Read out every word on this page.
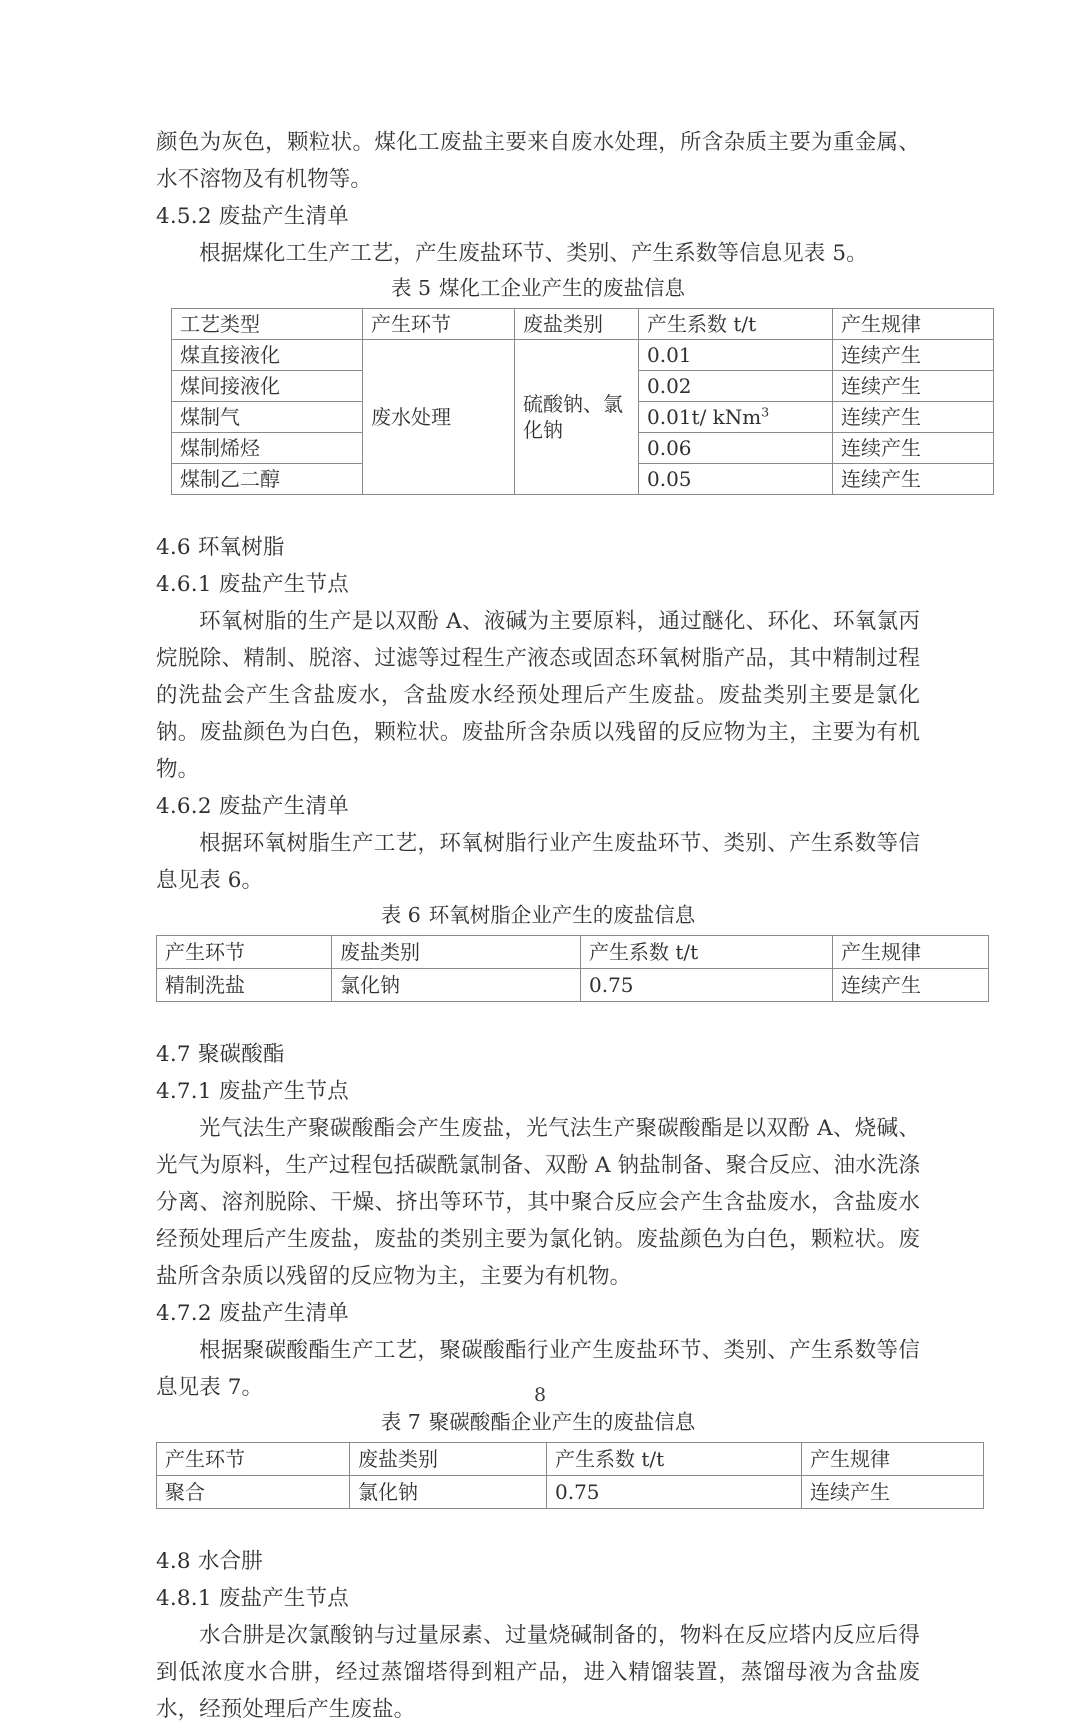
颜色为灰色，颗粒状。煤化工废盐主要来自废水处理，所含杂质主要为重金属、水不溶物及有机物等。

4.5.2 废盐产生清单

根据煤化工生产工艺，产生废盐环节、类别、产生系数等信息见表 5。

表 5 煤化工企业产生的废盐信息

工艺类型	产生环节	废盐类别	产生系数 t/t	产生规律
煤直接液化	废水处理	硫酸钠、氯化钠	0.01	连续产生
煤间接液化			0.02	连续产生
煤制气			0.01t/ kNm$^3$	连续产生
煤制烯烃			0.06	连续产生
煤制乙二醇			0.05	连续产生

4.6 环氧树脂

4.6.1 废盐产生节点

环氧树脂的生产是以双酚 A、液碱为主要原料，通过醚化、环化、环氧氯丙烷脱除、精制、脱溶、过滤等过程生产液态或固态环氧树脂产品，其中精制过程的洗盐会产生含盐废水，含盐废水经预处理后产生废盐。废盐类别主要是氯化钠。废盐颜色为白色，颗粒状。废盐所含杂质以残留的反应物为主，主要为有机物。

4.6.2 废盐产生清单

根据环氧树脂生产工艺，环氧树脂行业产生废盐环节、类别、产生系数等信息见表 6。

表 6 环氧树脂企业产生的废盐信息

产生环节	废盐类别	产生系数 t/t	产生规律
精制洗盐	氯化钠	0.75	连续产生

4.7 聚碳酸酯

4.7.1 废盐产生节点

光气法生产聚碳酸酯会产生废盐，光气法生产聚碳酸酯是以双酚 A、烧碱、光气为原料，生产过程包括碳酰氯制备、双酚 A 钠盐制备、聚合反应、油水洗涤分离、溶剂脱除、干燥、挤出等环节，其中聚合反应会产生含盐废水，含盐废水经预处理后产生废盐，废盐的类别主要为氯化钠。废盐颜色为白色，颗粒状。废盐所含杂质以残留的反应物为主，主要为有机物。

4.7.2 废盐产生清单

根据聚碳酸酯生产工艺，聚碳酸酯行业产生废盐环节、类别、产生系数等信息见表 7。

表 7 聚碳酸酯企业产生的废盐信息

产生环节	废盐类别	产生系数 t/t	产生规律
聚合	氯化钠	0.75	连续产生

4.8 水合肼

4.8.1 废盐产生节点

水合肼是次氯酸钠与过量尿素、过量烧碱制备的，物料在反应塔内反应后得到低浓度水合肼，经过蒸馏塔得到粗产品，进入精馏装置，蒸馏母液为含盐废水，经预处理后产生废盐。

8
